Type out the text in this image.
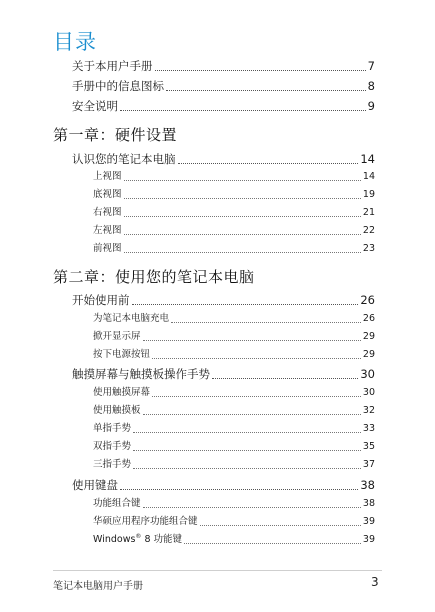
目录
关于本用户手册	7
手册中的信息图标	8
安全说明	9
第一章：硬件设置
认识您的笔记本电脑	14
上视图	14
底视图	19
右视图	21
左视图	22
前视图	23
第二章：使用您的笔记本电脑
开始使用前	26
为笔记本电脑充电	26
掀开显示屏	29
按下电源按钮	29
触摸屏幕与触摸板操作手势	30
使用触摸屏幕	30
使用触摸板	32
单指手势	33
双指手势	35
三指手势	37
使用键盘	38
功能组合键	38
华硕应用程序功能组合键	39
Windows® 8 功能键	39
笔记本电脑用户手册	3
